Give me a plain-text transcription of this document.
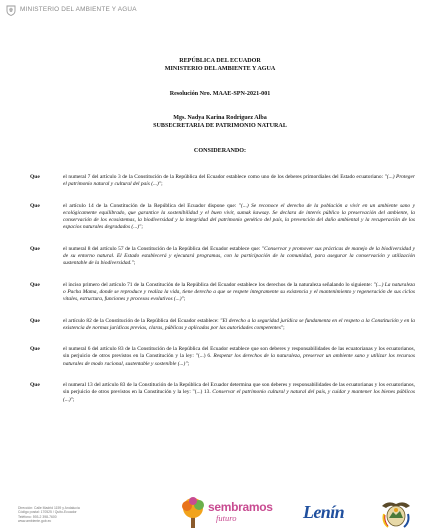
MINISTERIO DEL AMBIENTE Y AGUA
REPÚBLICA DEL ECUADOR
MINISTERIO DEL AMBIENTE Y AGUA
Resolución Nro. MAAE-SPN-2021-001
Mgs. Nadya Karina Rodriguez Alba
SUBSECRETARIA DE PATRIMONIO NATURAL
CONSIDERANDO:
Que	el numeral 7 del artículo 3 de la Constitución de la República del Ecuador establece como uno de los deberes primordiales del Estado ecuatoriano: "(...) Proteger el patrimonio natural y cultural del país (...)";
Que	el artículo 14 de la Constitución de la República del Ecuador dispone que: "(...) Se reconoce el derecho de la población a vivir en un ambiente sano y ecológicamente equilibrado, que garantice la sostenibilidad y el buen vivir, sumak kawsay. Se declara de interés público la preservación del ambiente, la conservación de los ecosistemas, la biodiversidad y la integridad del patrimonio genético del país, la prevención del daño ambiental y la recuperación de los espacios naturales degradados (...)";
Que	el numeral 8 del artículo 57 de la Constitución de la República del Ecuador establece que: "Conservar y promover sus prácticas de manejo de la biodiversidad y de su entorno natural. El Estado establecerá y ejecutará programas, con la participación de la comunidad, para asegurar la conservación y utilización sustentable de la biodiversidad.";
Que	el inciso primero del artículo 71 de la Constitución de la República del Ecuador establece los derechos de la naturaleza señalando lo siguiente: "(...) La naturaleza o Pacha Mama, donde se reproduce y realiza la vida, tiene derecho a que se respete íntegramente su existencia y el mantenimiento y regeneración de sus ciclos vitales, estructura, funciones y procesos evolutivos (...)";
Que	el artículo 82 de la Constitución de la República del Ecuador establece: "El derecho a la seguridad jurídica se fundamenta en el respeto a la Constitución y en la existencia de normas jurídicas previas, claras, públicas y aplicadas por las autoridades competentes";
Que	el numeral 6 del artículo 83 de la Constitución de la República del Ecuador establece que son deberes y responsabilidades de las ecuatorianas y los ecuatorianos, sin perjuicio de otros previstos en la Constitución y la ley: "(...) 6. Respetar los derechos de la naturaleza, preservar un ambiente sano y utilizar los recursos naturales de modo racional, sustentable y sostenible (...)";
Que	el numeral 13 del artículo 83 de la Constitución de la República del Ecuador determina que son deberes y responsabilidades de las ecuatorianas y los ecuatorianos, sin perjuicio de otros previstos en la Constitución y la ley: "(...) 13. Conservar el patrimonio cultural y natural del país, y cuidar y mantener los bienes públicos (...)";
Dirección: Calle Madrid 1159 y Andalucía
Código postal: 170525 / Quito-Ecuador
Teléfono: 593-2 398-7600
www.ambiente.gob.ec
sembramos
futuro	Lenín
